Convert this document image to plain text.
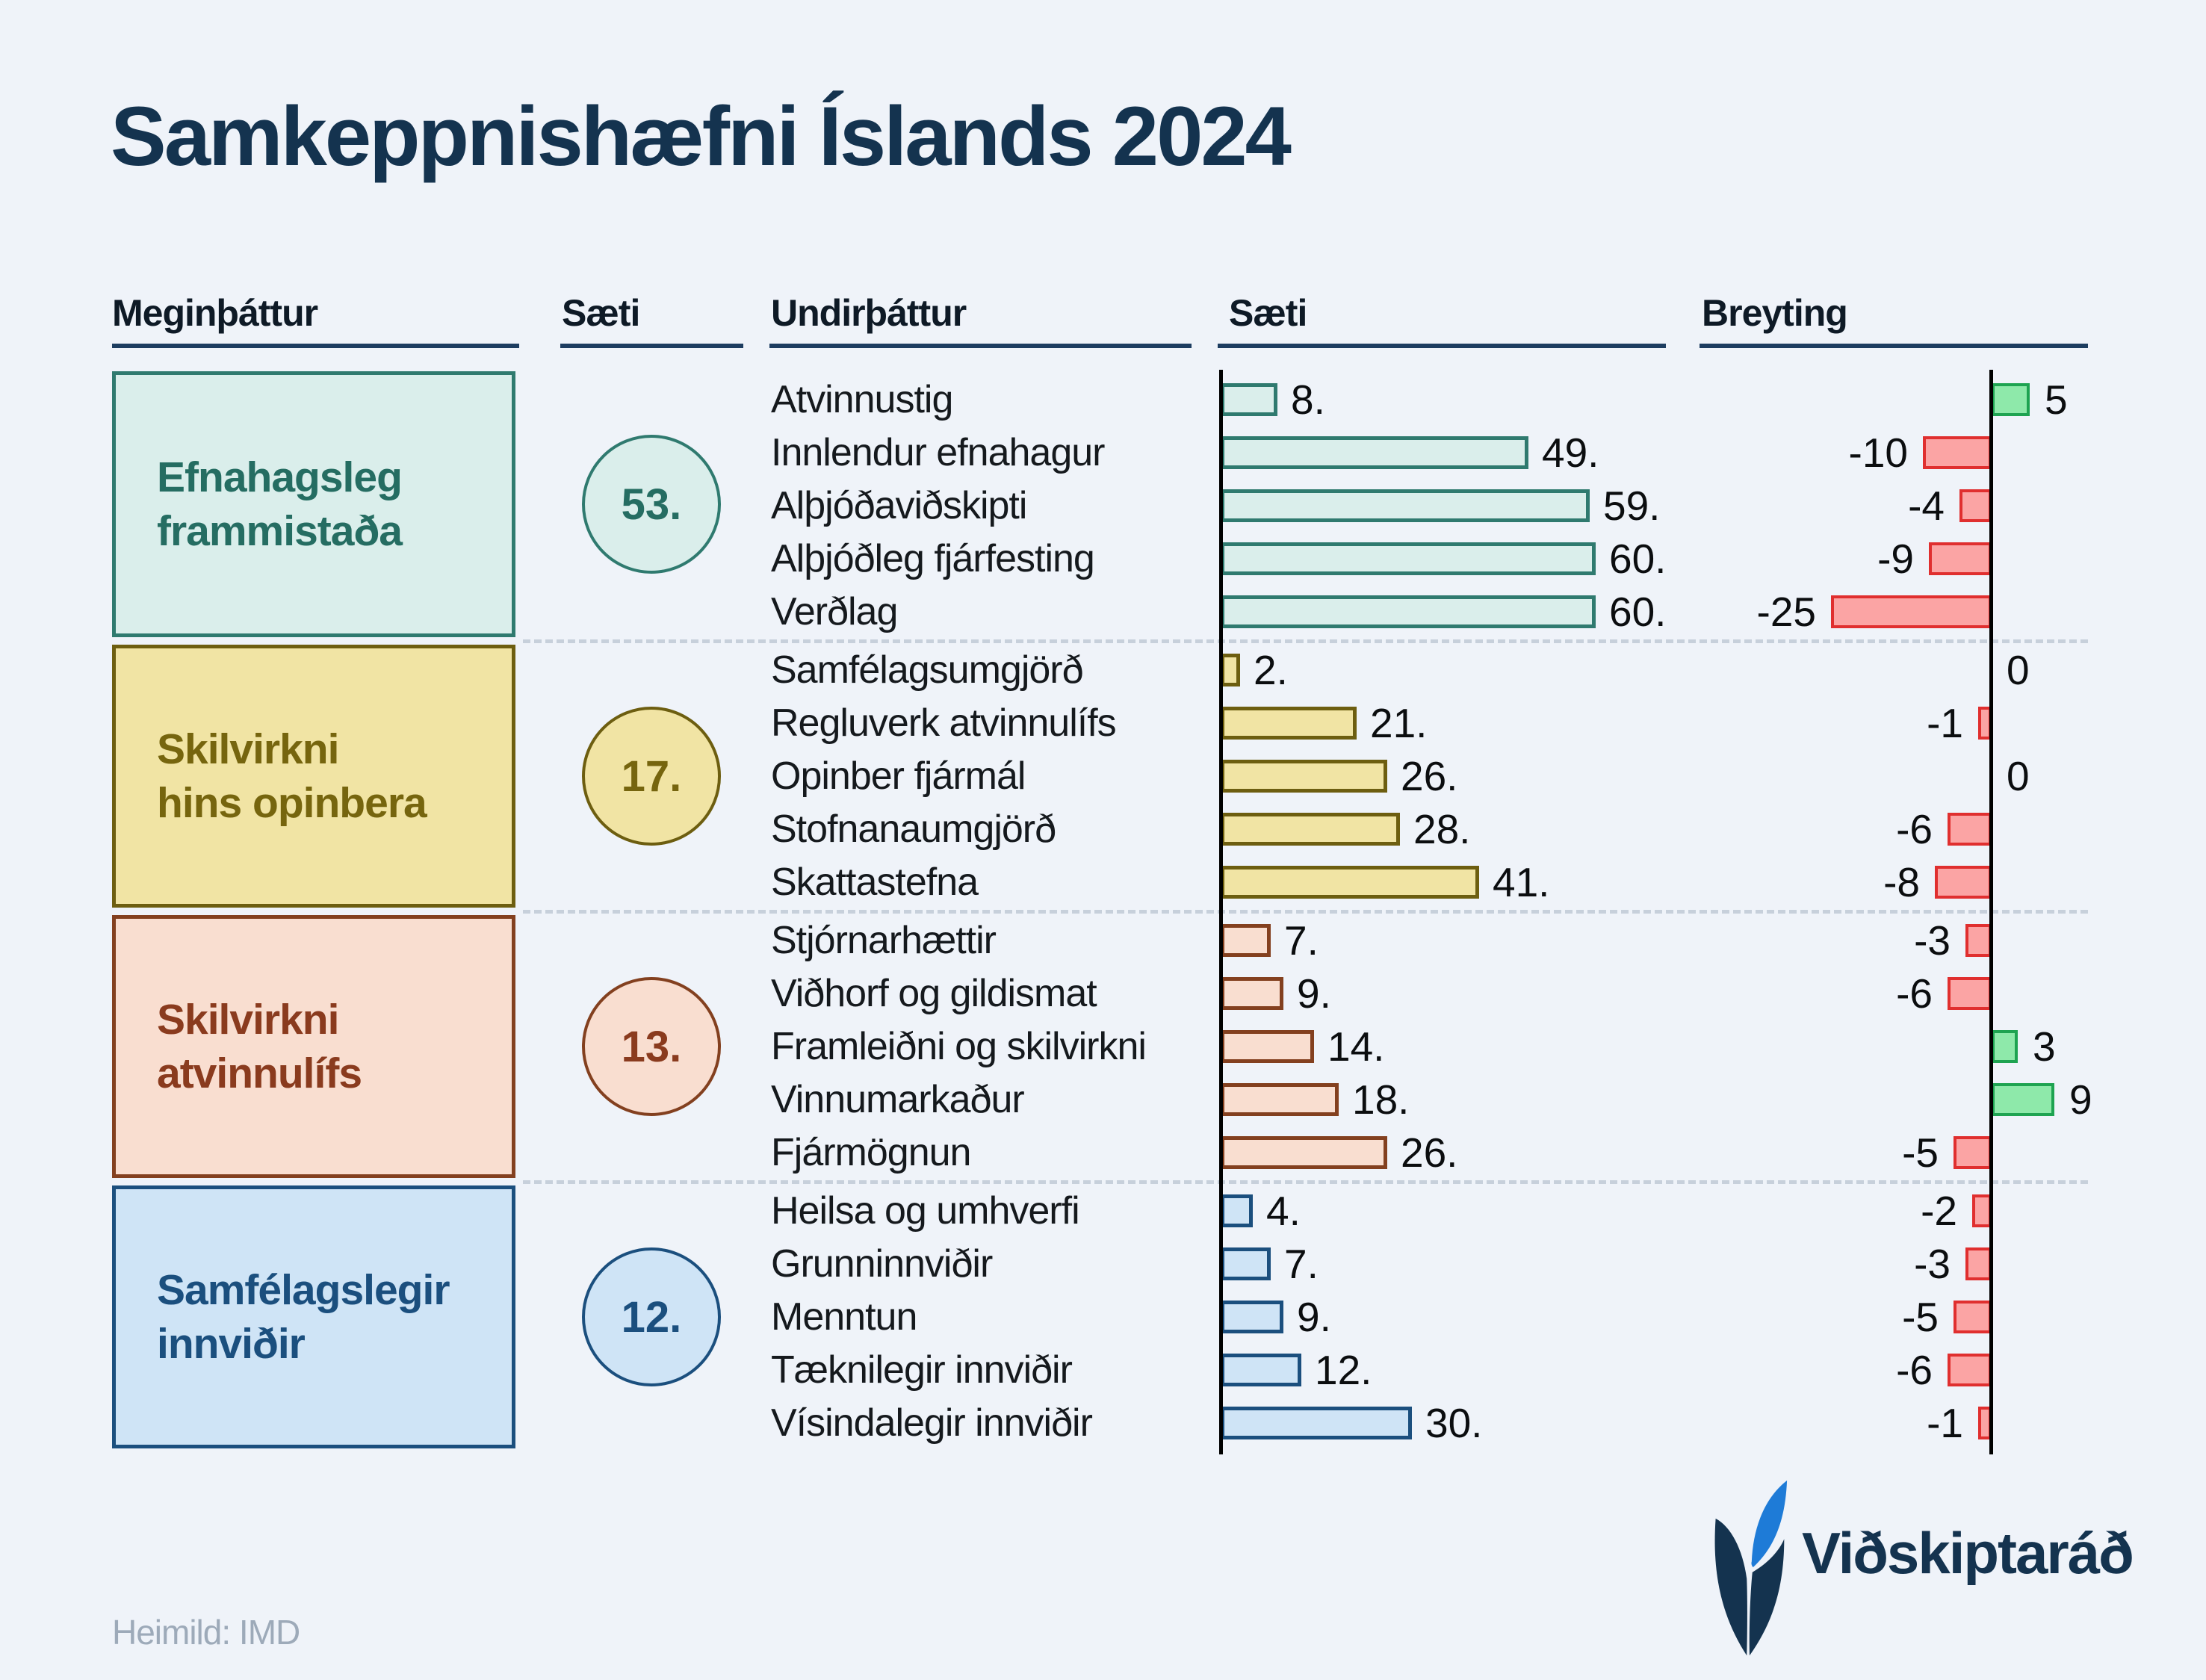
Samkeppnishæfni Íslands 2024
Meginþáttur	Sæti	Undirþáttur	Sæti	Breyting
Efnahagsleg
frammistaða
53.
Atvinnustig	8.	5
Innlendur efnahagur	49.	-10
Alþjóðaviðskipti	59.	-4
Alþjóðleg fjárfesting	60.	-9
Verðlag	60.	-25
Skilvirkni
hins opinbera
17.
Samfélagsumgjörð	2.	0
Regluverk atvinnulífs	21.	-1
Opinber fjármál	26.	0
Stofnanaumgjörð	28.	-6
Skattastefna	41.	-8
Skilvirkni
atvinnulífs
13.
Stjórnarhættir	7.	-3
Viðhorf og gildismat	9.	-6
Framleiðni og skilvirkni	14.	3
Vinnumarkaður	18.	9
Fjármögnun	26.	-5
Samfélagslegir
innviðir
12.
Heilsa og umhverfi	4.	-2
Grunninnviðir	7.	-3
Menntun	9.	-5
Tæknilegir innviðir	12.	-6
Vísindalegir innviðir	30.	-1
Heimild: IMD
Viðskiptaráð
